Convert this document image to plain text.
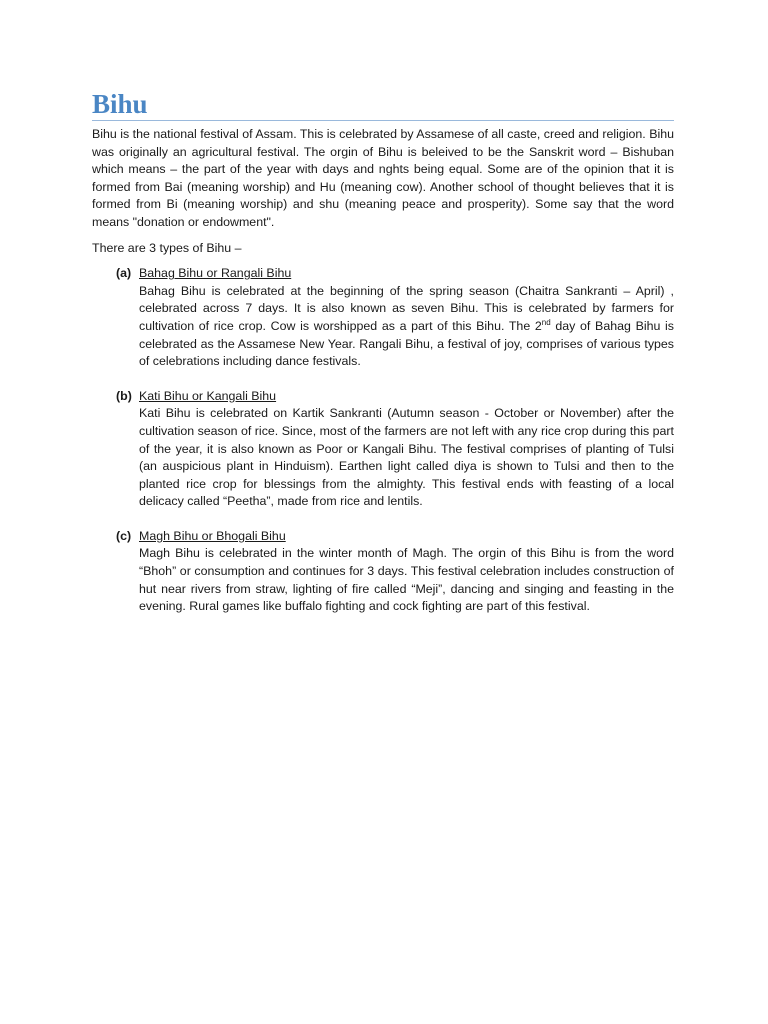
Bihu

Bihu is the national festival of Assam. This is celebrated by Assamese of all caste, creed and religion. Bihu was originally an agricultural festival. The orgin of Bihu is beleived to be the Sanskrit word – Bishuban which means – the part of the year with days and nghts being equal. Some are of the opinion that it is formed from Bai (meaning worship) and Hu (meaning cow). Another school of thought believes that it is formed from Bi (meaning worship) and shu (meaning peace and prosperity). Some say that the word means "donation or endowment".

There are 3 types of Bihu –

(a) Bahag Bihu or Rangali Bihu

Bahag Bihu is celebrated at the beginning of the spring season (Chaitra Sankranti – April) , celebrated across 7 days. It is also known as seven Bihu. This is celebrated by farmers for cultivation of rice crop. Cow is worshipped as a part of this Bihu. The 2nd day of Bahag Bihu is celebrated as the Assamese New Year. Rangali Bihu, a festival of joy, comprises of various types of celebrations including dance festivals.

(b) Kati Bihu or Kangali Bihu

Kati Bihu is celebrated on Kartik Sankranti (Autumn season - October or November) after the cultivation season of rice. Since, most of the farmers are not left with any rice crop during this part of the year, it is also known as Poor or Kangali Bihu. The festival comprises of planting of Tulsi (an auspicious plant in Hinduism). Earthen light called diya is shown to Tulsi and then to the planted rice crop for blessings from the almighty. This festival ends with feasting of a local delicacy called “Peetha”, made from rice and lentils.

(c) Magh Bihu or Bhogali Bihu

Magh Bihu is celebrated in the winter month of Magh. The orgin of this Bihu is from the word “Bhoh” or consumption and continues for 3 days. This festival celebration includes construction of hut near rivers from straw, lighting of fire called “Meji”, dancing and singing and feasting in the evening. Rural games like buffalo fighting and cock fighting are part of this festival.
